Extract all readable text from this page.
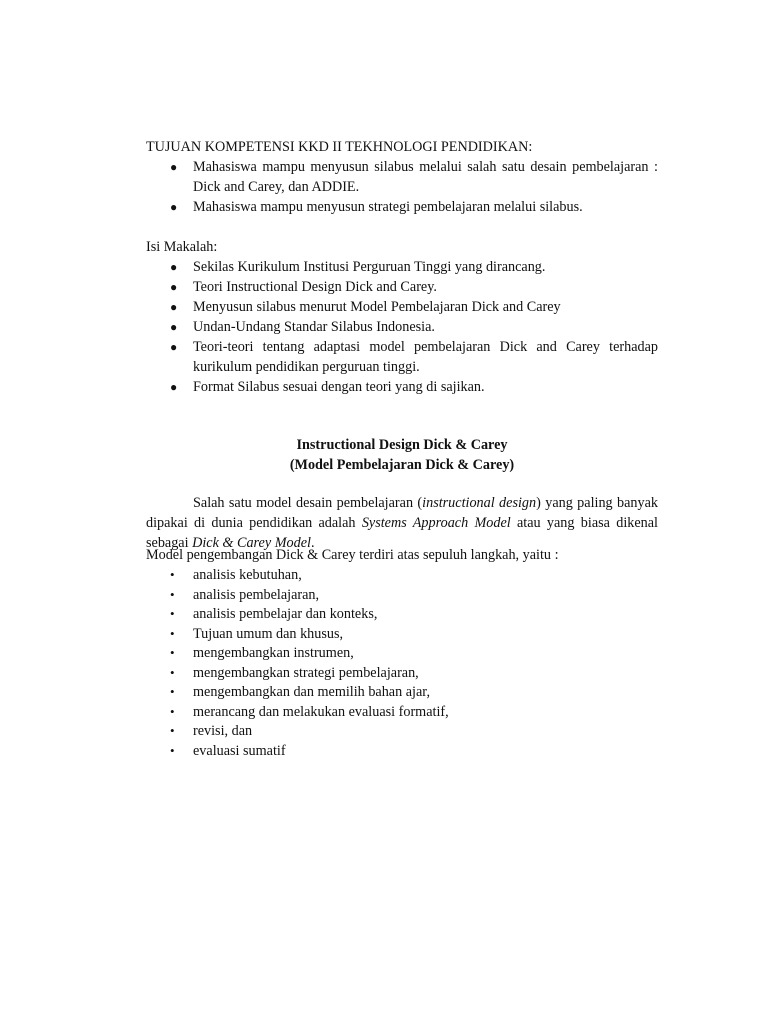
TUJUAN KOMPETENSI KKD II TEKHNOLOGI PENDIDIKAN:
● Mahasiswa mampu menyusun silabus melalui salah satu desain pembelajaran : Dick and Carey, dan ADDIE.
● Mahasiswa mampu menyusun strategi pembelajaran melalui silabus.
Isi Makalah:
● Sekilas Kurikulum Institusi Perguruan Tinggi yang dirancang.
● Teori Instructional Design Dick and Carey.
● Menyusun silabus menurut Model Pembelajaran Dick and Carey
● Undan-Undang Standar Silabus Indonesia.
● Teori-teori tentang adaptasi model pembelajaran Dick and Carey terhadap kurikulum pendidikan perguruan tinggi.
● Format Silabus sesuai dengan teori yang di sajikan.
Instructional Design Dick & Carey
(Model Pembelajaran Dick & Carey)
Salah satu model desain pembelajaran (instructional design) yang paling banyak dipakai di dunia pendidikan adalah Systems Approach Model atau yang biasa dikenal sebagai Dick & Carey Model.
Model pengembangan Dick & Carey terdiri atas sepuluh langkah, yaitu :
• analisis kebutuhan,
• analisis pembelajaran,
• analisis pembelajar dan konteks,
• Tujuan umum dan khusus,
• mengembangkan instrumen,
• mengembangkan strategi pembelajaran,
• mengembangkan dan memilih bahan ajar,
• merancang dan melakukan evaluasi formatif,
• revisi, dan
• evaluasi sumatif
